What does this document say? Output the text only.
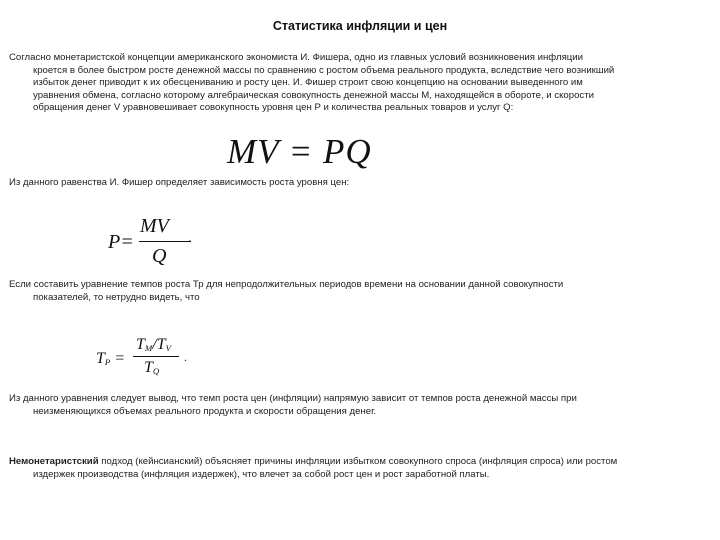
Статистика инфляции и цен
Согласно монетаристской концепции американского экономиста И. Фишера, одно из главных условий возникновения инфляции
кроется в более быстром росте денежной массы по сравнению с ростом объема реального продукта, вследствие чего возникший
избыток денег приводит к их обесцениванию и росту цен. И. Фишер строит свою концепцию на основании выведенного им
уравнения обмена, согласно которому алгебраическая совокупность денежной массы М, находящейся в обороте, и скорости
обращения денег V уравновешивает совокупность уровня цен Р и количества реальных товаров и услуг Q:
MV = PQ
Из данного равенства И. Фишер определяет зависимость роста уровня цен:
P=
MV
Q
.
Если составить уравнение темпов роста Тр для непродолжительных периодов времени на основании данной совокупности
показателей, то нетрудно видеть, что
$T_P$ =
$T_M/T_V$
$T_Q$
.
Из данного уравнения следует вывод, что темп роста цен (инфляции) напрямую зависит от темпов роста денежной массы при
неизменяющихся объемах реального продукта и скорости обращения денег.
Немонетаристский подход (кейнсианский) объясняет причины инфляции избытком совокупного спроса (инфляция спроса) или ростом
издержек производства (инфляция издержек), что влечет за собой рост цен и рост заработной платы.
